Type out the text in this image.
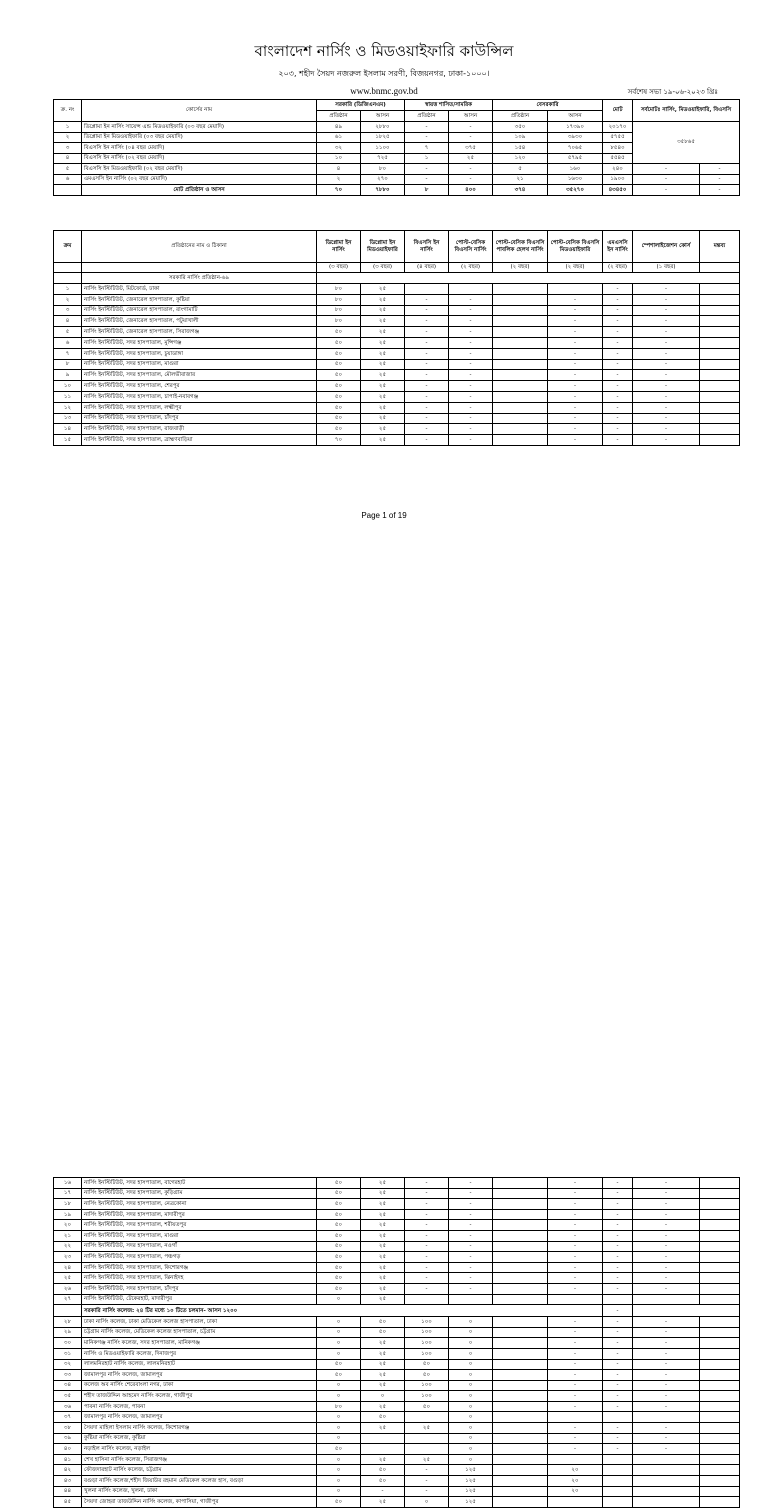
বাংলাদেশ নার্সিং ও মিডওয়াইফারি কাউন্সিল
২০৩, শহীদ সৈয়দ নজরুল ইসলাম সরণী, বিজয়নগর, ঢাকা-১০০০।
www.bnmc.gov.bd	সর্বশেষ সভা ১৯-০৬-২০২৩ খ্রিঃ
ক্র. নং	কোর্সের নাম	সরকারি (ডিজিএনএম)		স্বায়ত্ত শাসিত/সামরিক		বেসরকারি		মোট	সর্বমোটঃ নার্সিং, মিডওয়াইফারি, বিএসসি	
		প্রতিষ্ঠান	আসন	প্রতিষ্ঠান	আসন	প্রতিষ্ঠান	আসন			
১	ডিপ্লোমা ইন নার্সিং সায়েন্স এন্ড মিডওয়াইফারি (০৩ বছর মেয়াদি)	৪৯	২৮৮০	-	-	৩৫০	১৭৩৯০	২০১৭০	৩৫৮৬৫	
২	ডিপ্লোমা ইন মিডওয়াইফারি (০৩ বছর মেয়াদি)	৬১	১৮২৫	-	-	১০৯	৩৯৩০	৫৭৫৫		
৩	বিএসসি ইন নার্সিং (০৪ বছর মেয়াদি)	৩২	১১০০	৭	৩৭৫	১৫৪	৭০৬৫	৮৫৪০		
৪	বিএসসি ইন নার্সিং (০২ বছর মেয়াদি)	১০	৭২৫	১	২৫	১২০	৫৭৯৫	৫৫৪৫		
৫	বিএসসি ইন মিডওয়াইফারি (০২ বছর মেয়াদি)	৪	৮০	-	-	৫	১৬০	২৪০	-	-
৬	এমএসসি ইন নার্সিং (০২ বছর মেয়াদি)	২	২৭০	-	-	২১	১৬৩০	১৯০০	-	-
	মোট প্রতিষ্ঠান ও আসন	৭০	৭৮৮০	৮	৪০০	৩৭৪	৩৫২৭০	৪৩৪৫০	-	-
ক্রম	প্রতিষ্ঠানের নাম ও ঠিকানা	ডিপ্লোমা ইন নার্সিং	ডিপ্লোমা ইন মিডওয়াইফারি	বিএসসি ইন নার্সিং	পোস্ট-বেসিক বিএসসি নার্সিং	পোস্ট-বেসিক বিএসসি পাবলিক হেলথ নার্সিং	পোস্ট-বেসিক বিএসসি মিডওয়াইফারি	এমএসসি ইন নার্সিং	স্পেশালাইজেশন কোর্স	মন্তব্য
		(৩ বছর)	(৩ বছর)	(৪ বছর)	(২ বছর)	(২ বছর)	(২ বছর)	(২ বছর)	(১ বছর)	
	সরকারি নার্সিং প্রতিষ্ঠান-৬৯									
১	নার্সিং ইনস্টিটিউট, মিটফোর্ড, ঢাকা	৮০	২৫					-	-	
২	নার্সিং ইনস্টিটিউট, জেনারেল হাসপাতাল, কুষ্টিয়া	৮০	২৫	-	-		-	-	-	
৩	নার্সিং ইনস্টিটিউট, জেনারেল হাসপাতাল, রাংগামাটি	৮০	২৫	-	-		-	-	-	
৪	নার্সিং ইনস্টিটিউট, জেনারেল হাসপাতাল, পটুয়াখালী	৮০	২৫	-	-		-	-	-	
৫	নার্সিং ইনস্টিটিউট, জেনারেল হাসপাতাল, সিরাজগঞ্জ	৫০	২৫	-	-		-	-	-	
৬	নার্সিং ইনস্টিটিউট, সদর হাসপাতাল, মুন্সিগঞ্জ	৫০	২৫	-	-		-	-	-	
৭	নার্সিং ইনস্টিটিউট, সদর হাসপাতাল, চুয়াডাঙ্গা	৫০	২৫	-	-		-	-	-	
৮	নার্সিং ইনস্টিটিউট, সদর হাসপাতাল, মাগুরা	৫০	২৫	-	-		-	-	-	
৯	নার্সিং ইনস্টিটিউট, সদর হাসপাতাল, মৌলভীবাজার	৫০	২৫	-	-		-	-	-	
১০	নার্সিং ইনস্টিটিউট, সদর হাসপাতাল, শেরপুর	৫০	২৫	-	-		-	-	-	
১১	নার্সিং ইনস্টিটিউট, সদর হাসপাতাল, চাপাই-নবাবগঞ্জ	৫০	২৫	-	-		-	-	-	
১২	নার্সিং ইনস্টিটিউট, সদর হাসপাতাল, লক্ষ্মীপুর	৫০	২৫	-	-		-	-	-	
১৩	নার্সিং ইনস্টিটিউট, সদর হাসপাতাল, চাঁদপুর	৫০	২৫	-	-		-	-	-	
১৪	নার্সিং ইনস্টিটিউট, সদর হাসপাতাল, রাজবাড়ী	৫০	২৫	-	-		-	-	-	
১৫	নার্সিং ইনস্টিটিউট, সদর হাসপাতাল, ব্রাহ্মণবাড়িয়া	৭০	২৫	-	-		-	-	-	
Page 1 of 19
১৬	নার্সিং ইনস্টিটিউট, সদর হাসপাতাল, বাগেরহাট	৫০	২৫	-	-		-	-	-	
১৭	নার্সিং ইনস্টিটিউট, সদর হাসপাতাল, কুড়িগ্রাম	৫০	২৫	-	-		-	-	-	
১৮	নার্সিং ইনস্টিটিউট, সদর হাসপাতাল, নেত্রকোনা	৫০	২৫	-	-		-	-	-	
১৯	নার্সিং ইনস্টিটিউট, সদর হাসপাতাল, মাদারীপুর	৫০	২৫	-	-		-	-	-	
২০	নার্সিং ইনস্টিটিউট, সদর হাসপাতাল, শরীয়তপুর	৫০	২৫	-	-		-	-	-	
২১	নার্সিং ইনস্টিটিউট, সদর হাসপাতাল, মাগুরা	৫০	২৫	-	-		-	-	-	
২২	নার্সিং ইনস্টিটিউট, সদর হাসপাতাল, নওগাঁ	৫০	২৫	-	-		-	-	-	
২৩	নার্সিং ইনস্টিটিউট, সদর হাসপাতাল, পঞ্চগড়	৫০	২৫	-	-		-	-	-	
২৪	নার্সিং ইনস্টিটিউট, সদর হাসপাতাল, কিশোরগঞ্জ	৫০	২৫	-	-		-	-	-	
২৫	নার্সিং ইনস্টিটিউট, সদর হাসপাতাল, ঝিনাইদহ	৫০	২৫	-	-		-	-	-	
২৬	নার্সিং ইনস্টিটিউট, সদর হাসপাতাল, চাঁদপুর	৫০	২৫	-	-		-	-	-	
২৭	নার্সিং ইনস্টিটিউট, টেকেরহাট, মাদারীপুর	০	২৫							
	সরকারি নার্সিং কলেজ: ২৪ টির মধ্যে ১০ টিতে চলমান- আসন ১২০০							-		
২৮	ঢাকা নার্সিং কলেজ, ঢাকা মেডিকেল কলেজ হাসপাতাল, ঢাকা	০	৫০	১০০	০		-	-	-	
২৯	চট্টগ্রাম নার্সিং কলেজ, মেডিকেল কলেজ হাসপাতাল, চট্টগ্রাম	০	৫০	১০০	০		-	-	-	
৩০	মানিকগঞ্জ নার্সিং কলেজ, সদর হাসপাতাল, মানিকগঞ্জ	০	২৫	১০০	০		-	-	-	
৩১	নার্সিং ও মিডওয়াইফারি কলেজ, দিনাজপুর	০	২৫	১০০	০		-	-	-	
৩২	লালমনিরহাট নার্সিং কলেজ, লালমনিরহাট	৫০	২৫	৫০	০		-	-	-	
৩৩	জামালপুর নার্সিং কলেজ, জামালপুর	৫০	২৫	৫০	০		-	-	-	
৩৪	কলেজ অব নার্সিং শেরেবাংলা নগর, ঢাকা	০	২৫	১০০	০		-	-	-	
৩৫	শহীদ তাজউদ্দিন আহমেদ নার্সিং কলেজ, গাজীপুর	০	০	১০০	০		-	-	-	
৩৬	পাবনা নার্সিং কলেজ, পাবনা	৮০	২৫	৫০	০		-	-	-	
৩৭	জামালপুর নার্সিং কলেজ, জামালপুর	০	৫০		০					
৩৮	সৈয়দা মাহিলা ইসলাম নার্সিং কলেজ, কিশোরগঞ্জ	০	২৫	২৫	০		-	-	-	
৩৯	কুষ্টিয়া নার্সিং কলেজ, কুষ্টিয়া	০			০		-	-	-	
৪০	নড়াইল নার্সিং কলেজ, নড়াইল	৫০			০		-	-	-	
৪১	শেখ হাসিনা নার্সিং কলেজ, সিরাজগঞ্জ	০	২৫	২৫	০					
৪২	ফৌজদারহাট নার্সিং কলেজ, চট্টগ্রাম	০	৫০	-	১২৫		২০			
৪৩	বগুড়া নার্সিং কলেজ,শহীদ জিয়াউর রহমান মেডিকেল কলেজ হাস, বগুড়া	০	৫০	-	১২৫		২০			
৪৪	খুলনা নার্সিং কলেজ, খুলনা, ঢাকা	০	-	-	১২৫		২০			
৪৫	সৈয়দা জোহরা তাজউদ্দিন নার্সিং কলেজ, কাপাসিয়া, গাজীপুর	৫০	২৫	০	১২৫					
